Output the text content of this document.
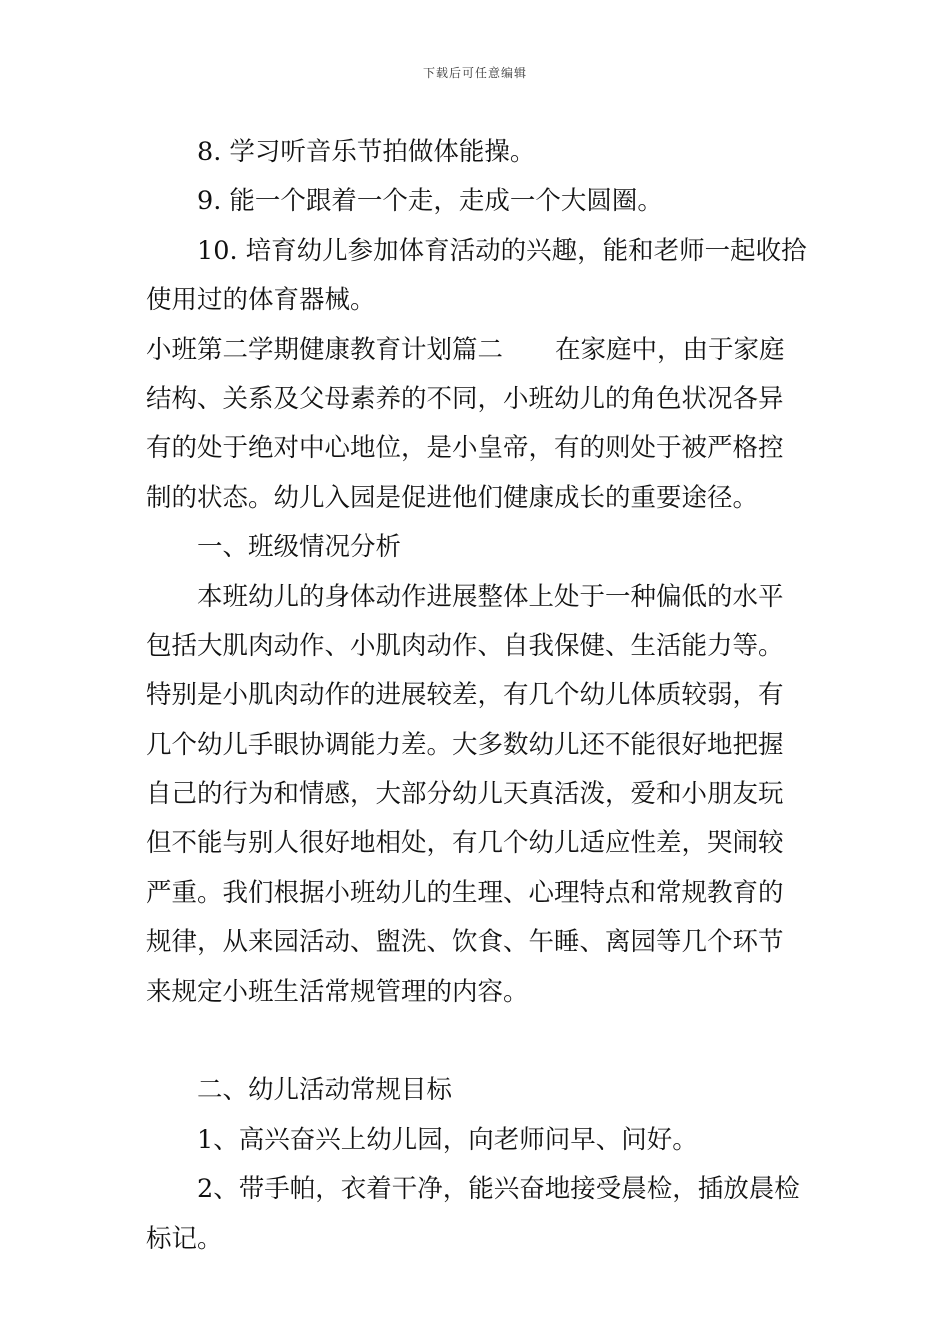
下载后可任意编辑
8. 学习听音乐节拍做体能操。
9. 能一个跟着一个走，走成一个大圆圈。
10. 培育幼儿参加体育活动的兴趣，能和老师一起收拾
使用过的体育器械。
小班第二学期健康教育计划篇二 在家庭中，由于家庭
结构、关系及父母素养的不同，小班幼儿的角色状况各异
有的处于绝对中心地位，是小皇帝，有的则处于被严格控
制的状态。幼儿入园是促进他们健康成长的重要途径。
一、班级情况分析
本班幼儿的身体动作进展整体上处于一种偏低的水平
包括大肌肉动作、小肌肉动作、自我保健、生活能力等。
特别是小肌肉动作的进展较差，有几个幼儿体质较弱，有
几个幼儿手眼协调能力差。大多数幼儿还不能很好地把握
自己的行为和情感，大部分幼儿天真活泼，爱和小朋友玩
但不能与别人很好地相处，有几个幼儿适应性差，哭闹较
严重。我们根据小班幼儿的生理、心理特点和常规教育的
规律，从来园活动、盥洗、饮食、午睡、离园等几个环节
来规定小班生活常规管理的内容。
二、幼儿活动常规目标
1、高兴奋兴上幼儿园，向老师问早、问好。
2、带手帕，衣着干净，能兴奋地接受晨检，插放晨检
标记。
